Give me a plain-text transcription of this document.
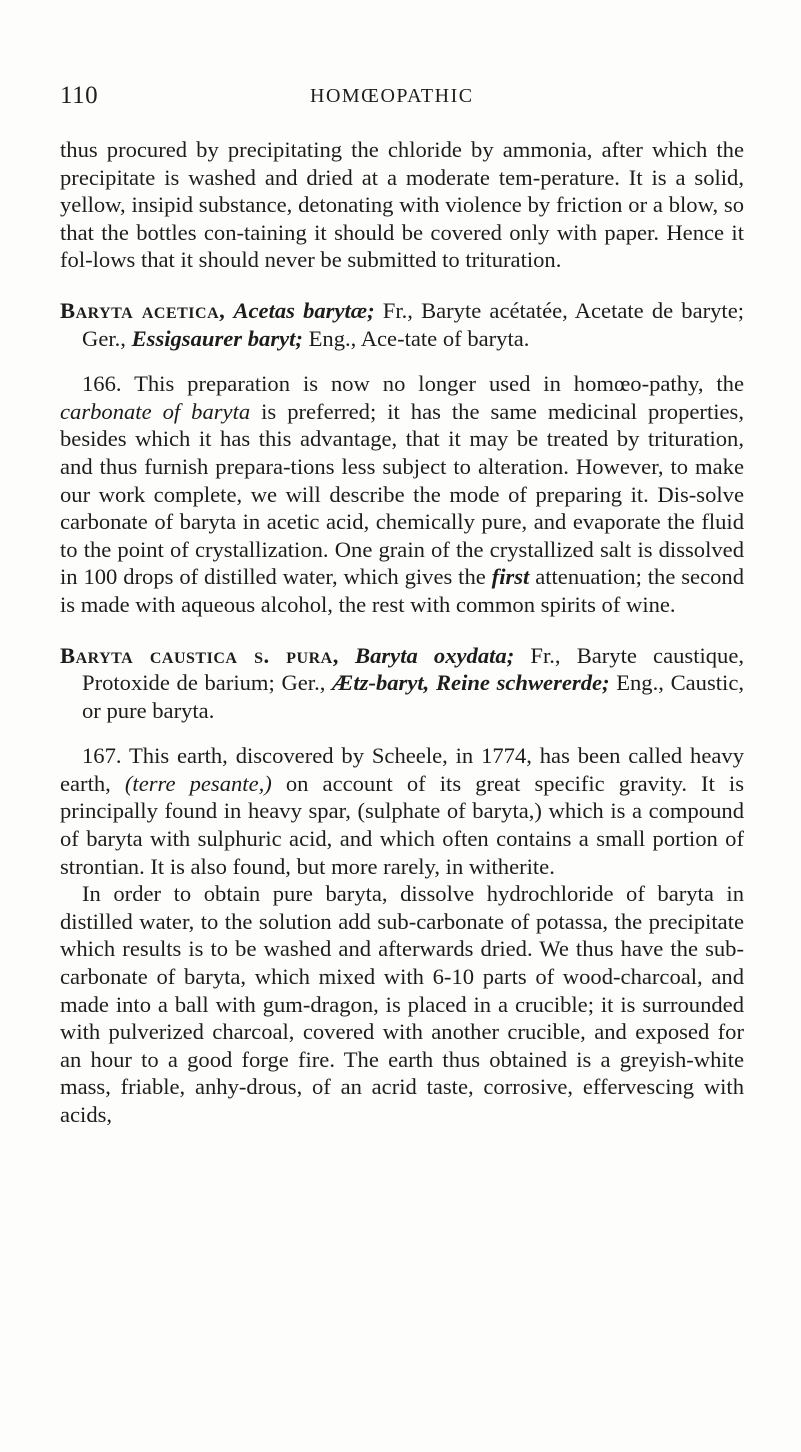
110	HOMŒOPATHIC

thus procured by precipitating the chloride by ammonia, after which the precipitate is washed and dried at a moderate tem-perature. It is a solid, yellow, insipid substance, detonating with violence by friction or a blow, so that the bottles con-taining it should be covered only with paper. Hence it fol-lows that it should never be submitted to trituration.

Baryta acetica, Acetas barytæ; Fr., Baryte acétatée, Acetate de baryte; Ger., Essigsaurer baryt; Eng., Ace-tate of baryta.

166. This preparation is now no longer used in homœo-pathy, the carbonate of baryta is preferred; it has the same medicinal properties, besides which it has this advantage, that it may be treated by trituration, and thus furnish prepara-tions less subject to alteration. However, to make our work complete, we will describe the mode of preparing it. Dis-solve carbonate of baryta in acetic acid, chemically pure, and evaporate the fluid to the point of crystallization. One grain of the crystallized salt is dissolved in 100 drops of distilled water, which gives the first attenuation; the second is made with aqueous alcohol, the rest with common spirits of wine.

Baryta caustica s. pura, Baryta oxydata; Fr., Baryte caustique, Protoxide de barium; Ger., Ætz-baryt, Reine schwererde; Eng., Caustic, or pure baryta.

167. This earth, discovered by Scheele, in 1774, has been called heavy earth, (terre pesante,) on account of its great specific gravity. It is principally found in heavy spar, (sulphate of baryta,) which is a compound of baryta with sulphuric acid, and which often contains a small portion of strontian. It is also found, but more rarely, in witherite.

In order to obtain pure baryta, dissolve hydrochloride of baryta in distilled water, to the solution add sub-carbonate of potassa, the precipitate which results is to be washed and afterwards dried. We thus have the sub-carbonate of baryta, which mixed with 6-10 parts of wood-charcoal, and made into a ball with gum-dragon, is placed in a crucible; it is surrounded with pulverized charcoal, covered with another crucible, and exposed for an hour to a good forge fire. The earth thus obtained is a greyish-white mass, friable, anhy-drous, of an acrid taste, corrosive, effervescing with acids,
